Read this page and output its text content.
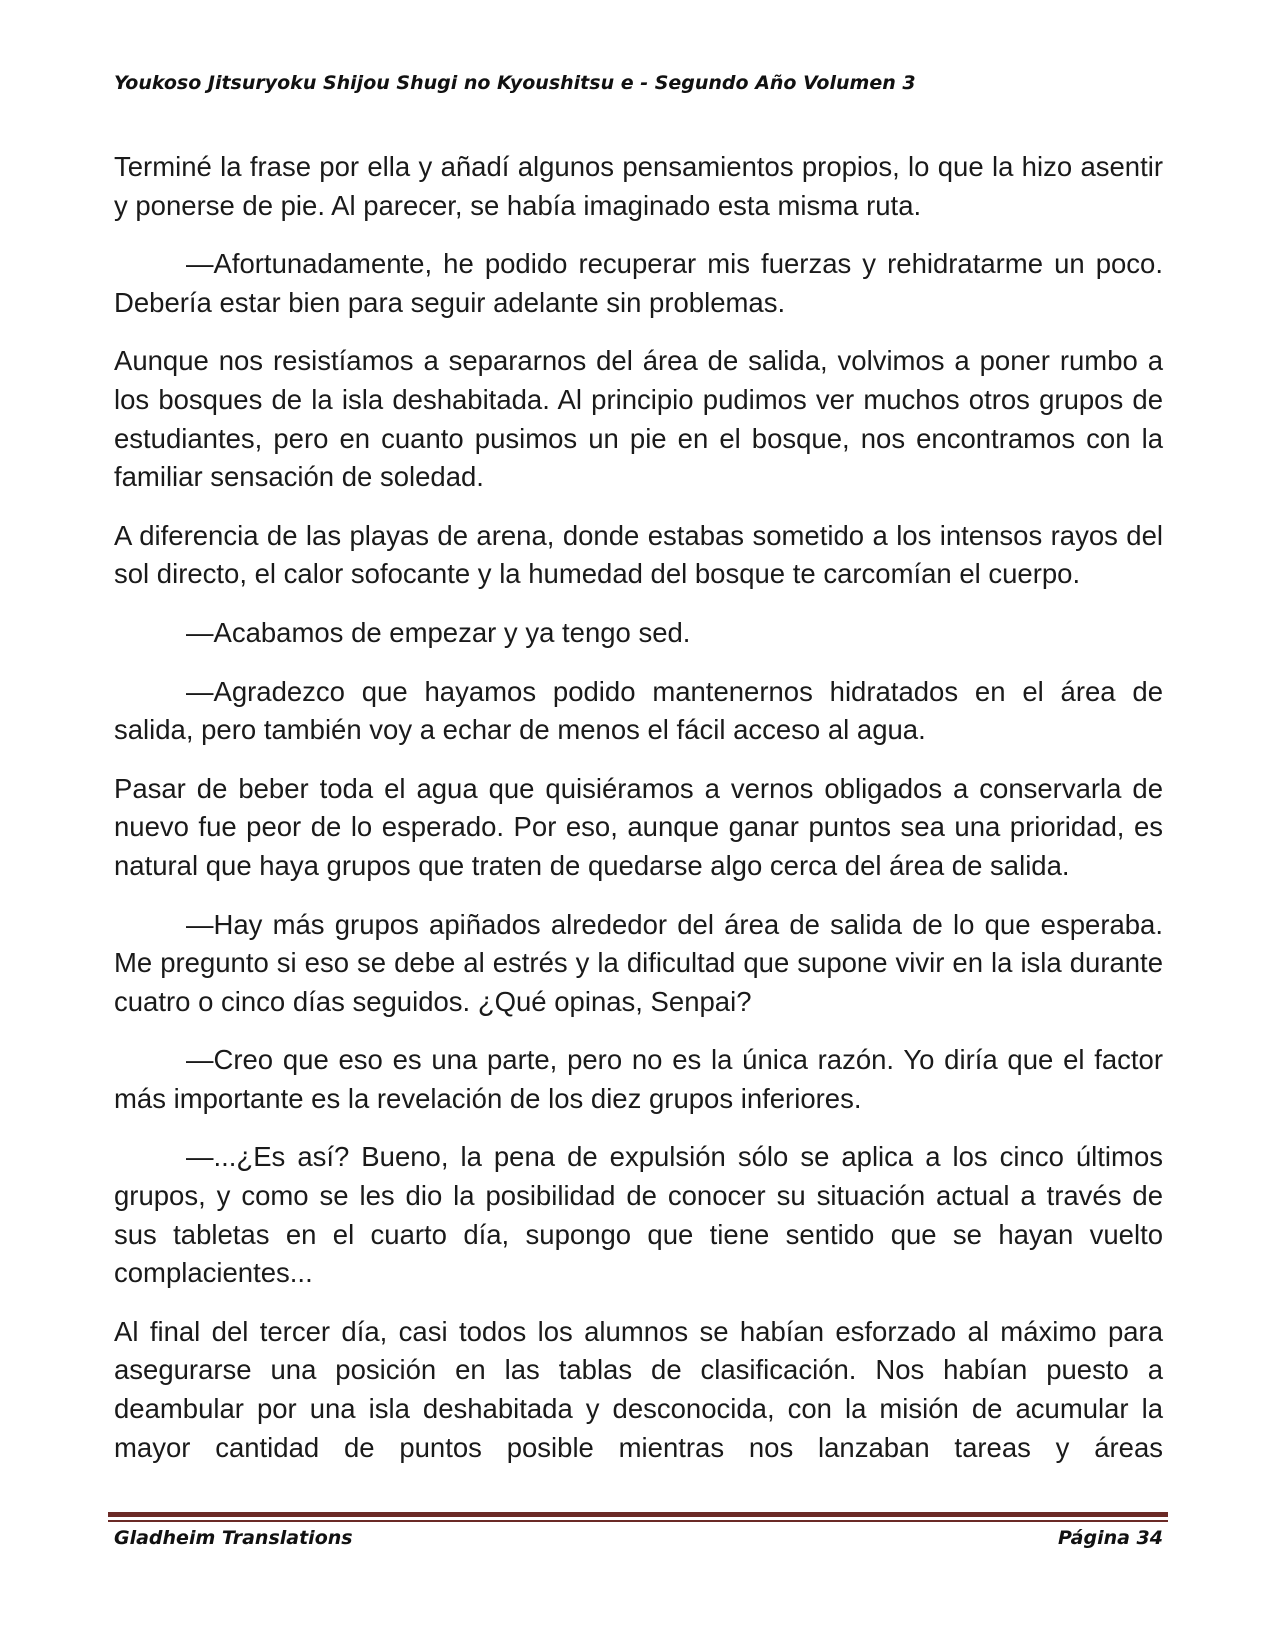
Youkoso Jitsuryoku Shijou Shugi no Kyoushitsu e - Segundo Año Volumen 3

Terminé la frase por ella y añadí algunos pensamientos propios, lo que la hizo asentir y ponerse de pie. Al parecer, se había imaginado esta misma ruta.

—Afortunadamente, he podido recuperar mis fuerzas y rehidratarme un poco. Debería estar bien para seguir adelante sin problemas.

Aunque nos resistíamos a separarnos del área de salida, volvimos a poner rumbo a los bosques de la isla deshabitada. Al principio pudimos ver muchos otros grupos de estudiantes, pero en cuanto pusimos un pie en el bosque, nos encontramos con la familiar sensación de soledad.

A diferencia de las playas de arena, donde estabas sometido a los intensos rayos del sol directo, el calor sofocante y la humedad del bosque te carcomían el cuerpo.

—Acabamos de empezar y ya tengo sed.

—Agradezco que hayamos podido mantenernos hidratados en el área de salida, pero también voy a echar de menos el fácil acceso al agua.

Pasar de beber toda el agua que quisiéramos a vernos obligados a conservarla de nuevo fue peor de lo esperado. Por eso, aunque ganar puntos sea una prioridad, es natural que haya grupos que traten de quedarse algo cerca del área de salida.

—Hay más grupos apiñados alrededor del área de salida de lo que esperaba. Me pregunto si eso se debe al estrés y la dificultad que supone vivir en la isla durante cuatro o cinco días seguidos. ¿Qué opinas, Senpai?

—Creo que eso es una parte, pero no es la única razón. Yo diría que el factor más importante es la revelación de los diez grupos inferiores.

—...¿Es así? Bueno, la pena de expulsión sólo se aplica a los cinco últimos grupos, y como se les dio la posibilidad de conocer su situación actual a través de sus tabletas en el cuarto día, supongo que tiene sentido que se hayan vuelto complacientes...

Al final del tercer día, casi todos los alumnos se habían esforzado al máximo para asegurarse una posición en las tablas de clasificación. Nos habían puesto a deambular por una isla deshabitada y desconocida, con la misión de acumular la mayor cantidad de puntos posible mientras nos lanzaban tareas y áreas

Gladheim Translations	Página 34
